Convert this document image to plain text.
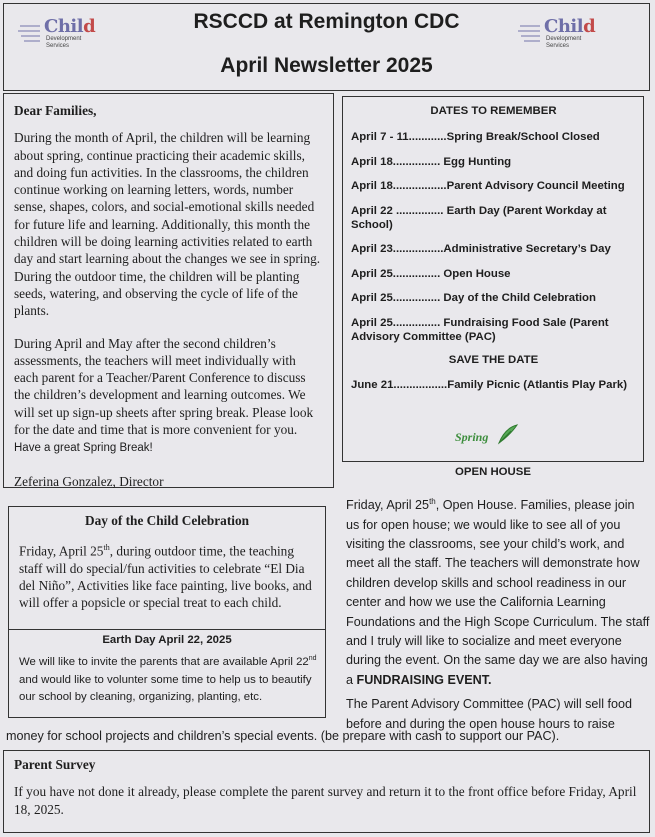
Child
Development
Services
RSCCD at Remington CDC
April Newsletter 2025
Child
Development
Services

Dear Families,

During the month of April, the children will be learning about spring, continue practicing their academic skills, and doing fun activities. In the classrooms, the children continue working on learning letters, words, number sense, shapes, colors, and social-emotional skills needed for future life and learning. Additionally, this month the children will be doing learning activities related to earth day and start learning about the changes we see in spring. During the outdoor time, the children will be planting seeds, watering, and observing the cycle of life of the plants.

During April and May after the second children’s assessments, the teachers will meet individually with each parent for a Teacher/Parent Conference to discuss the children’s development and learning outcomes. We will set up sign-up sheets after spring break. Please look for the date and time that is more convenient for you. Have a great Spring Break!

Zeferina Gonzalez, Director

DATES TO REMEMBER
April 7 - 11............Spring Break/School Closed
April 18............... Egg Hunting
April 18.................Parent Advisory Council Meeting
April 22 ............... Earth Day (Parent Workday at School)
April 23................Administrative Secretary’s Day
April 25............... Open House
April 25............... Day of the Child Celebration
April 25............... Fundraising Food Sale (Parent Advisory Committee (PAC)
SAVE THE DATE
June 21.................Family Picnic (Atlantis Play Park)
Spring
OPEN HOUSE

Friday, April 25th, Open House. Families, please join us for open house; we would like to see all of you visiting the classrooms, see your child’s work, and meet all the staff. The teachers will demonstrate how children develop skills and school readiness in our center and how we use the California Learning Foundations and the High Scope Curriculum. The staff and I truly will like to socialize and meet everyone during the event. On the same day we are also having a FUNDRAISING EVENT.

The Parent Advisory Committee (PAC) will sell food before and during the open house hours to raise

money for school projects and children’s special events. (be prepare with cash to support our PAC).
Day of the Child Celebration

Friday, April 25th, during outdoor time, the teaching staff will do special/fun activities to celebrate “El Dia del Niño”, Activities like face painting, live books, and will offer a popsicle or special treat to each child.

Earth Day April 22, 2025
We will like to invite the parents that are available April 22nd and would like to volunter some time to help us to beautify our school by cleaning, organizing, planting, etc.
Parent Survey

If you have not done it already, please complete the parent survey and return it to the front office before Friday, April 18, 2025.
